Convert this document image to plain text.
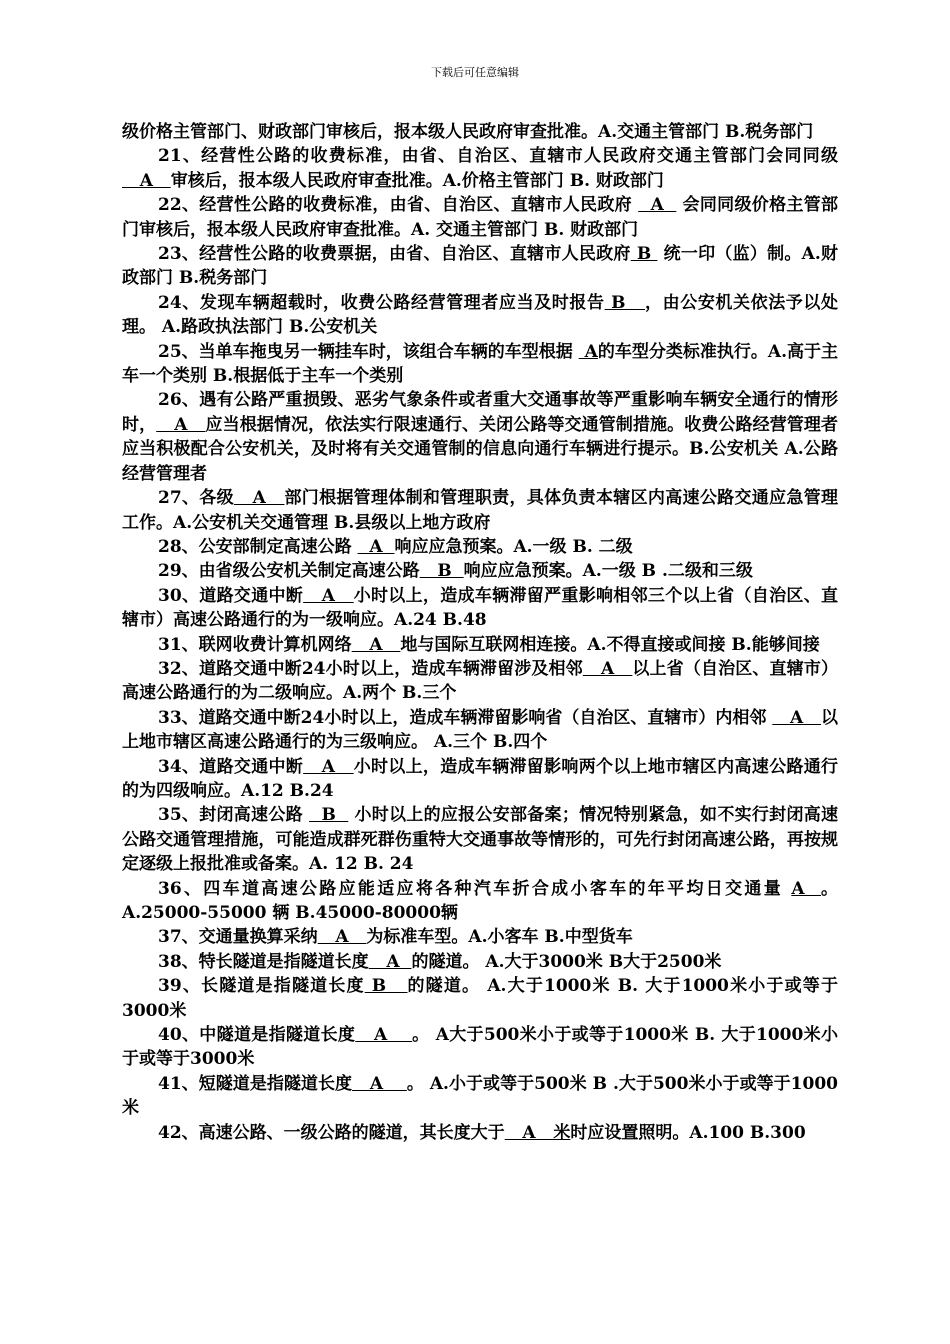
下载后可任意编辑

级价格主管部门、财政部门审核后，报本级人民政府审查批准。A.交通主管部门 B.税务部门

21、经营性公路的收费标准，由省、自治区、直辖市人民政府交通主管部门会同同级   A   审核后，报本级人民政府审查批准。A.价格主管部门 B. 财政部门

22、经营性公路的收费标准，由省、自治区、直辖市人民政府   A   会同同级价格主管部门审核后，报本级人民政府审查批准。A. 交通主管部门 B. 财政部门

23、经营性公路的收费票据，由省、自治区、直辖市人民政府 B  统一印（监）制。A.财政部门 B.税务部门

24、发现车辆超载时，收费公路经营管理者应当及时报告 B   ，由公安机关依法予以处理。 A.路政执法部门 B.公安机关

25、当单车拖曳另一辆挂车时，该组合车辆的车型根据  A的车型分类标准执行。A.高于主车一个类别 B.根据低于主车一个类别

26、遇有公路严重损毁、恶劣气象条件或者重大交通事故等严重影响车辆安全通行的情形时，   A   应当根据情况，依法实行限速通行、关闭公路等交通管制措施。收费公路经营管理者应当积极配合公安机关，及时将有关交通管制的信息向通行车辆进行提示。B.公安机关 A.公路经营管理者

27、各级   A   部门根据管理体制和管理职责，具体负责本辖区内高速公路交通应急管理工作。A.公安机关交通管理 B.县级以上地方政府

28、公安部制定高速公路   A  响应应急预案。A.一级 B. 二级

29、由省级公安机关制定高速公路   B  响应应急预案。A.一级 B .二级和三级

30、道路交通中断   A   小时以上，造成车辆滞留严重影响相邻三个以上省（自治区、直辖市）高速公路通行的为一级响应。A.24 B.48

31、联网收费计算机网络   A   地与国际互联网相连接。A.不得直接或间接 B.能够间接

32、道路交通中断24小时以上，造成车辆滞留涉及相邻   A   以上省（自治区、直辖市）高速公路通行的为二级响应。A.两个 B.三个

33、道路交通中断24小时以上，造成车辆滞留影响省（自治区、直辖市）内相邻    A   以上地市辖区高速公路通行的为三级响应。 A.三个 B.四个

34、道路交通中断   A   小时以上，造成车辆滞留影响两个以上地市辖区内高速公路通行的为四级响应。A.12 B.24

35、封闭高速公路   B   小时以上的应报公安部备案；情况特别紧急，如不实行封闭高速公路交通管理措施，可能造成群死群伤重特大交通事故等情形的，可先行封闭高速公路，再按规定逐级上报批准或备案。A. 12 B. 24

36、四车道高速公路应能适应将各种汽车折合成小客车的年平均日交通量 A  。A.25000-55000 辆 B.45000-80000辆

37、交通量换算采纳   A   为标准车型。A.小客车 B.中型货车

38、特长隧道是指隧道长度   A  的隧道。 A.大于3000米 B大于2500米

39、长隧道是指隧道长度 B   的隧道。 A.大于1000米 B. 大于1000米小于或等于3000米

40、中隧道是指隧道长度   A    。 A大于500米小于或等于1000米 B. 大于1000米小于或等于3000米

41、短隧道是指隧道长度   A    。 A.小于或等于500米 B .大于500米小于或等于1000米

42、高速公路、一级公路的隧道，其长度大于   A   米时应设置照明。A.100 B.300
